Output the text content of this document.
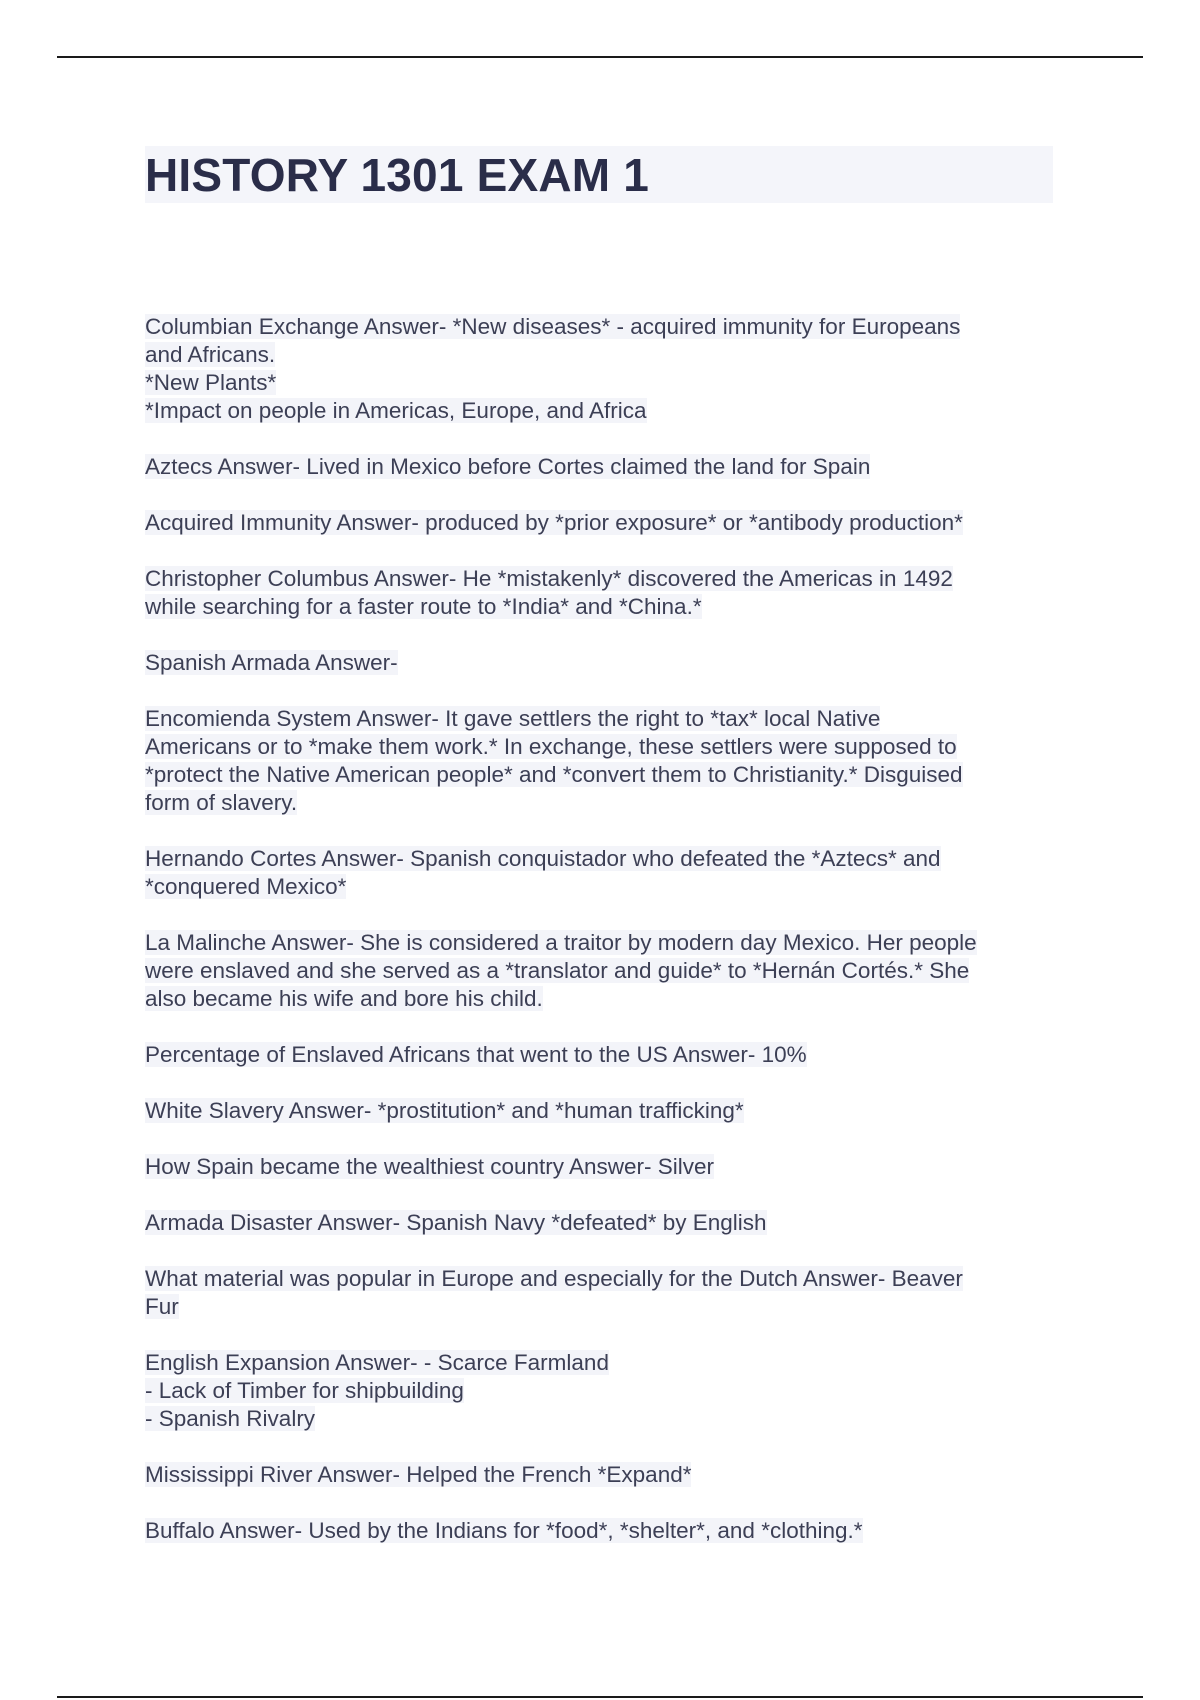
HISTORY 1301 EXAM 1
Columbian Exchange Answer- *New diseases* - acquired immunity for Europeans
and Africans.
*New Plants*
*Impact on people in Americas, Europe, and Africa
Aztecs Answer- Lived in Mexico before Cortes claimed the land for Spain
Acquired Immunity Answer- produced by *prior exposure* or *antibody production*
Christopher Columbus Answer- He *mistakenly* discovered the Americas in 1492
while searching for a faster route to *India* and *China.*
Spanish Armada Answer-
Encomienda System Answer- It gave settlers the right to *tax* local Native
Americans or to *make them work.* In exchange, these settlers were supposed to
*protect the Native American people* and *convert them to Christianity.* Disguised
form of slavery.
Hernando Cortes Answer- Spanish conquistador who defeated the *Aztecs* and
*conquered Mexico*
La Malinche Answer- She is considered a traitor by modern day Mexico. Her people
were enslaved and she served as a *translator and guide* to *Hernán Cortés.* She
also became his wife and bore his child.
Percentage of Enslaved Africans that went to the US Answer- 10%
White Slavery Answer- *prostitution* and *human trafficking*
How Spain became the wealthiest country Answer- Silver
Armada Disaster Answer- Spanish Navy *defeated* by English
What material was popular in Europe and especially for the Dutch Answer- Beaver
Fur
English Expansion Answer- - Scarce Farmland
- Lack of Timber for shipbuilding
- Spanish Rivalry
Mississippi River Answer- Helped the French *Expand*
Buffalo Answer- Used by the Indians for *food*, *shelter*, and *clothing.*
